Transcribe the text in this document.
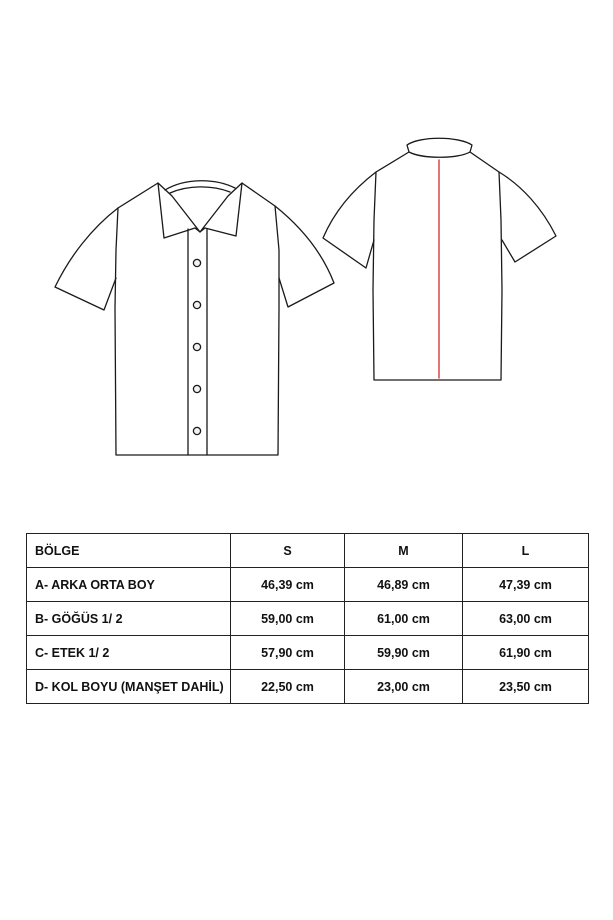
BÖLGE	S	M	L
A- ARKA ORTA BOY	46,39 cm	46,89 cm	47,39 cm
B- GÖĞÜS 1/ 2	59,00 cm	61,00 cm	63,00 cm
C- ETEK 1/ 2	57,90 cm	59,90 cm	61,90 cm
D- KOL BOYU (MANŞET DAHİL)	22,50 cm	23,00 cm	23,50 cm
